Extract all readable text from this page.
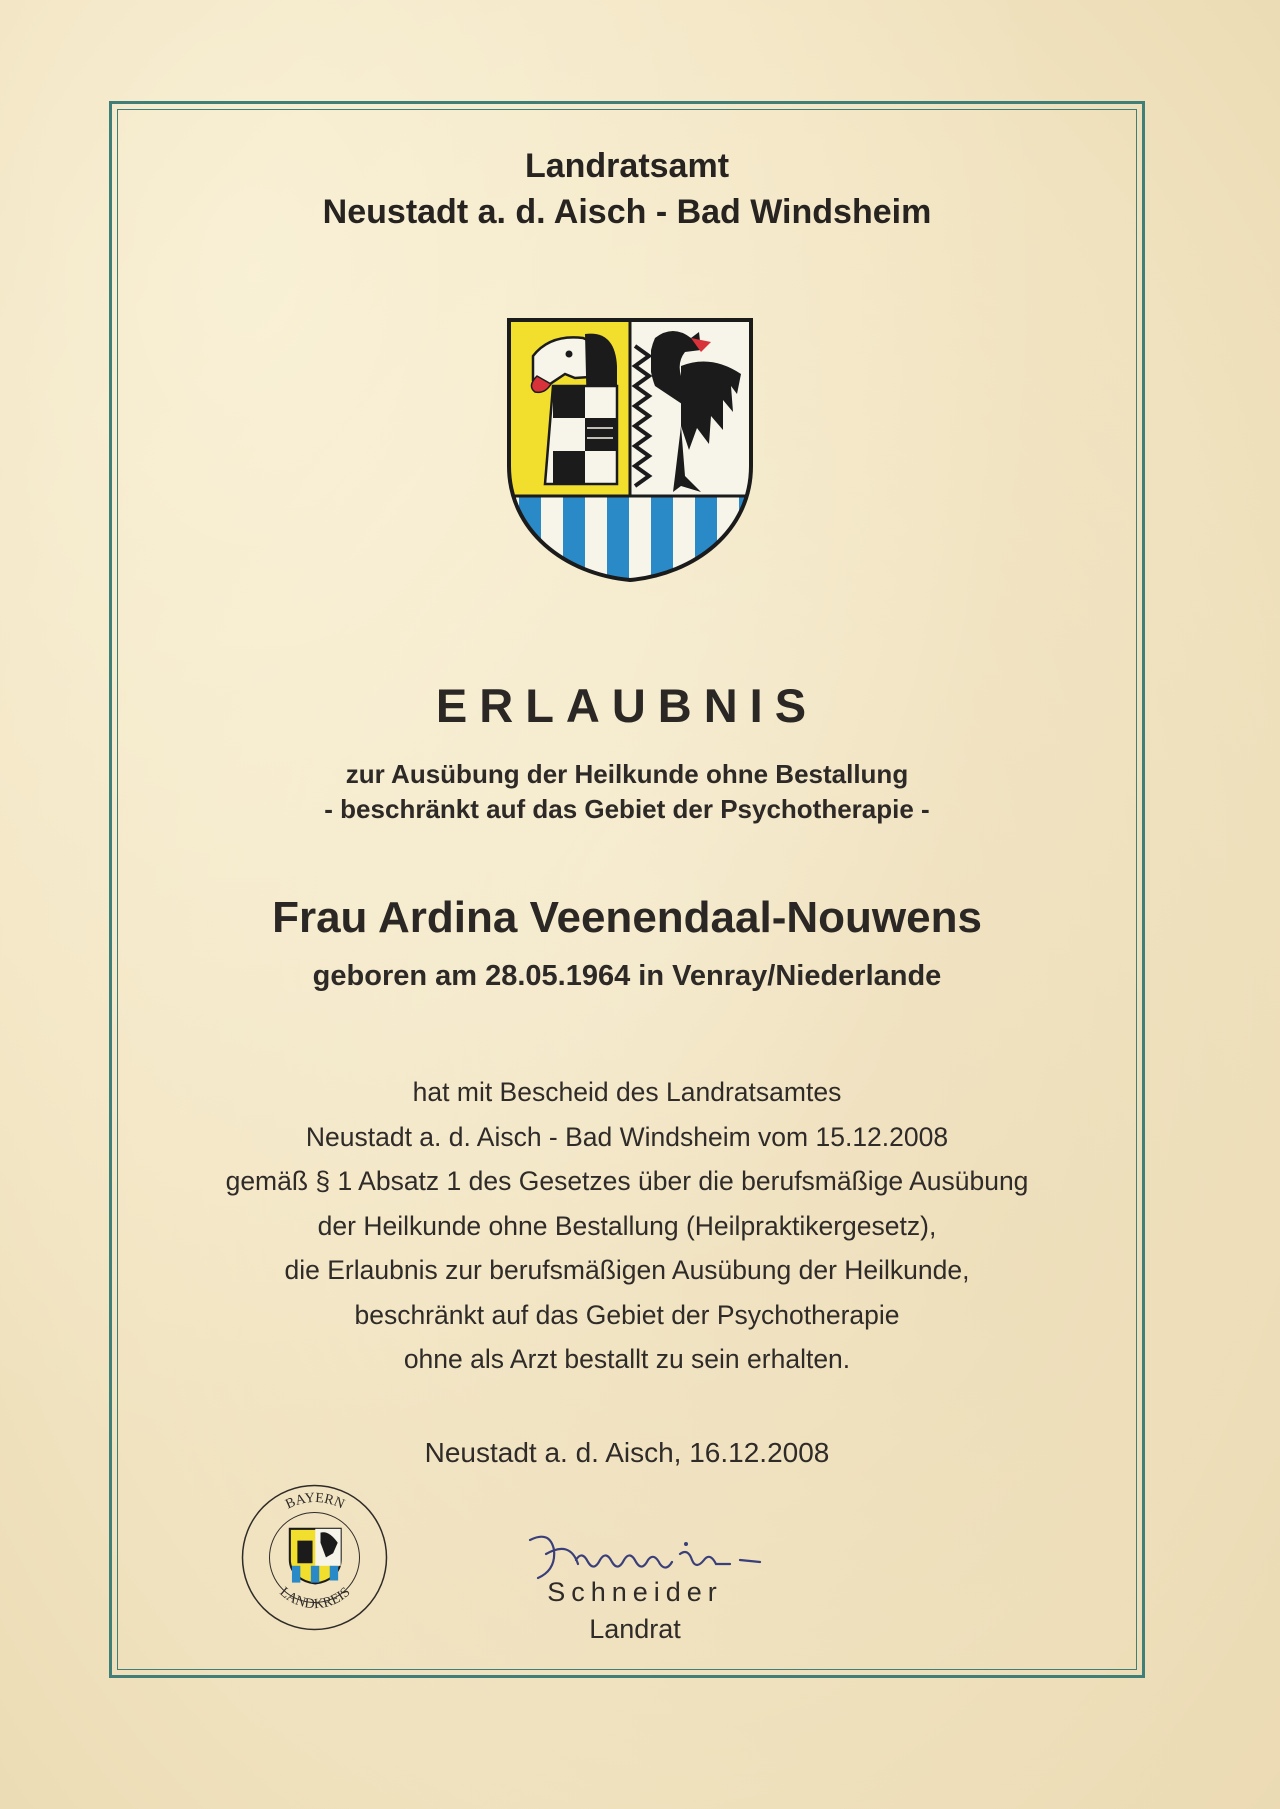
Landratsamt
Neustadt a. d. Aisch - Bad Windsheim
ERLAUBNIS
zur Ausübung der Heilkunde ohne Bestallung
- beschränkt auf das Gebiet der Psychotherapie -
Frau Ardina Veenendaal-Nouwens
geboren am 28.05.1964 in Venray/Niederlande
hat mit Bescheid des Landratsamtes
Neustadt a. d. Aisch - Bad Windsheim vom 15.12.2008
gemäß § 1 Absatz 1 des Gesetzes über die berufsmäßige Ausübung
der Heilkunde ohne Bestallung (Heilpraktikergesetz),
die Erlaubnis zur berufsmäßigen Ausübung der Heilkunde,
beschränkt auf das Gebiet der Psychotherapie
ohne als Arzt bestallt zu sein erhalten.
Neustadt a. d. Aisch, 16.12.2008
BAYERN
LANDKREIS	Schneider
Landrat
